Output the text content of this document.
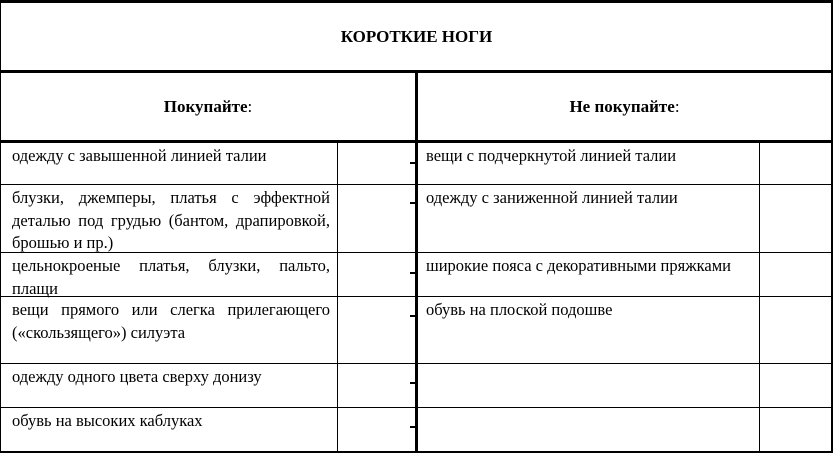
КОРОТКИЕ НОГИ
Покупайте :	Не покупайте :
одежду с завышенной линией талии
блузки, джемперы, платья с эффектной деталью под грудью (бантом, драпировкой, брошью и пр.)
цельнокроеные платья, блузки, пальто, плащи
вещи прямого или слегка прилегающего («скользящего») силуэта
одежду одного цвета сверху донизу
обувь на высоких каблуках
вещи с подчеркнутой линией талии
одежду с заниженной линией талии
широкие пояса с декоративными пряжками
обувь на плоской подошве
